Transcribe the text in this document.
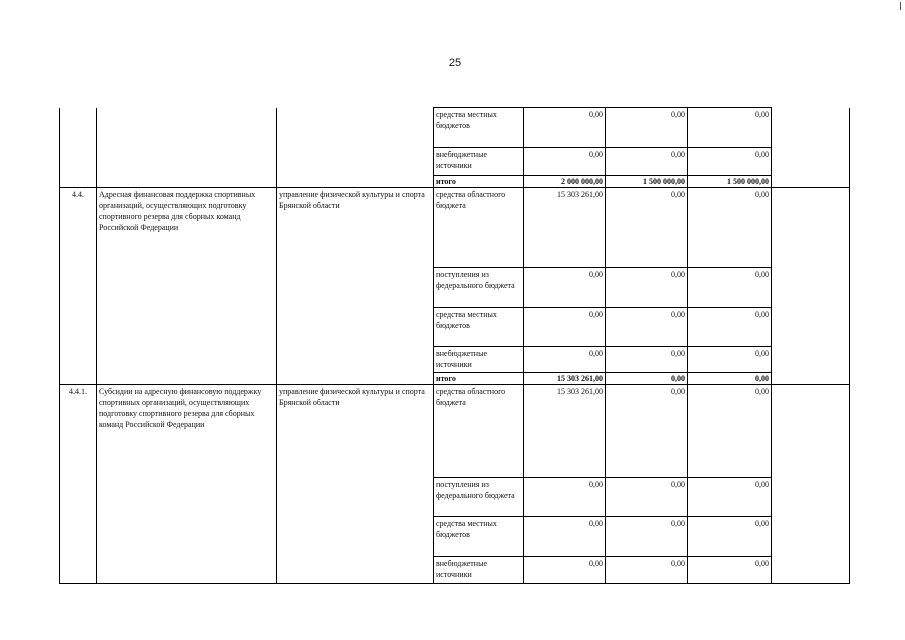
25
			средства местных бюджетов	0,00	0,00	0,00	
			внебюджетные источники	0,00	0,00	0,00	
			итого	2 000 000,00	1 500 000,00	1 500 000,00	
4.4.	Адресная финансовая поддержка спортивных организаций, осуществляющих подготовку спортивного резерва для сборных команд Российской Федерации	управление физической культуры и спорта Брянской области	средства областного бюджета	15 303 261,00	0,00	0,00	
			поступления из федерального бюджета	0,00	0,00	0,00	
			средства местных бюджетов	0,00	0,00	0,00	
			внебюджетные источники	0,00	0,00	0,00	
			итого	15 303 261,00	0,00	0,00	
4.4.1.	Субсидии на адресную финансовую поддержку спортивных организаций, осуществляющих подготовку спортивного резерва для сборных команд Российской Федерации	управление физической культуры и спорта Брянской области	средства областного бюджета	15 303 261,00	0,00	0,00	
			поступления из федерального бюджета	0,00	0,00	0,00	
			средства местных бюджетов	0,00	0,00	0,00	
			внебюджетные источники	0,00	0,00	0,00	
